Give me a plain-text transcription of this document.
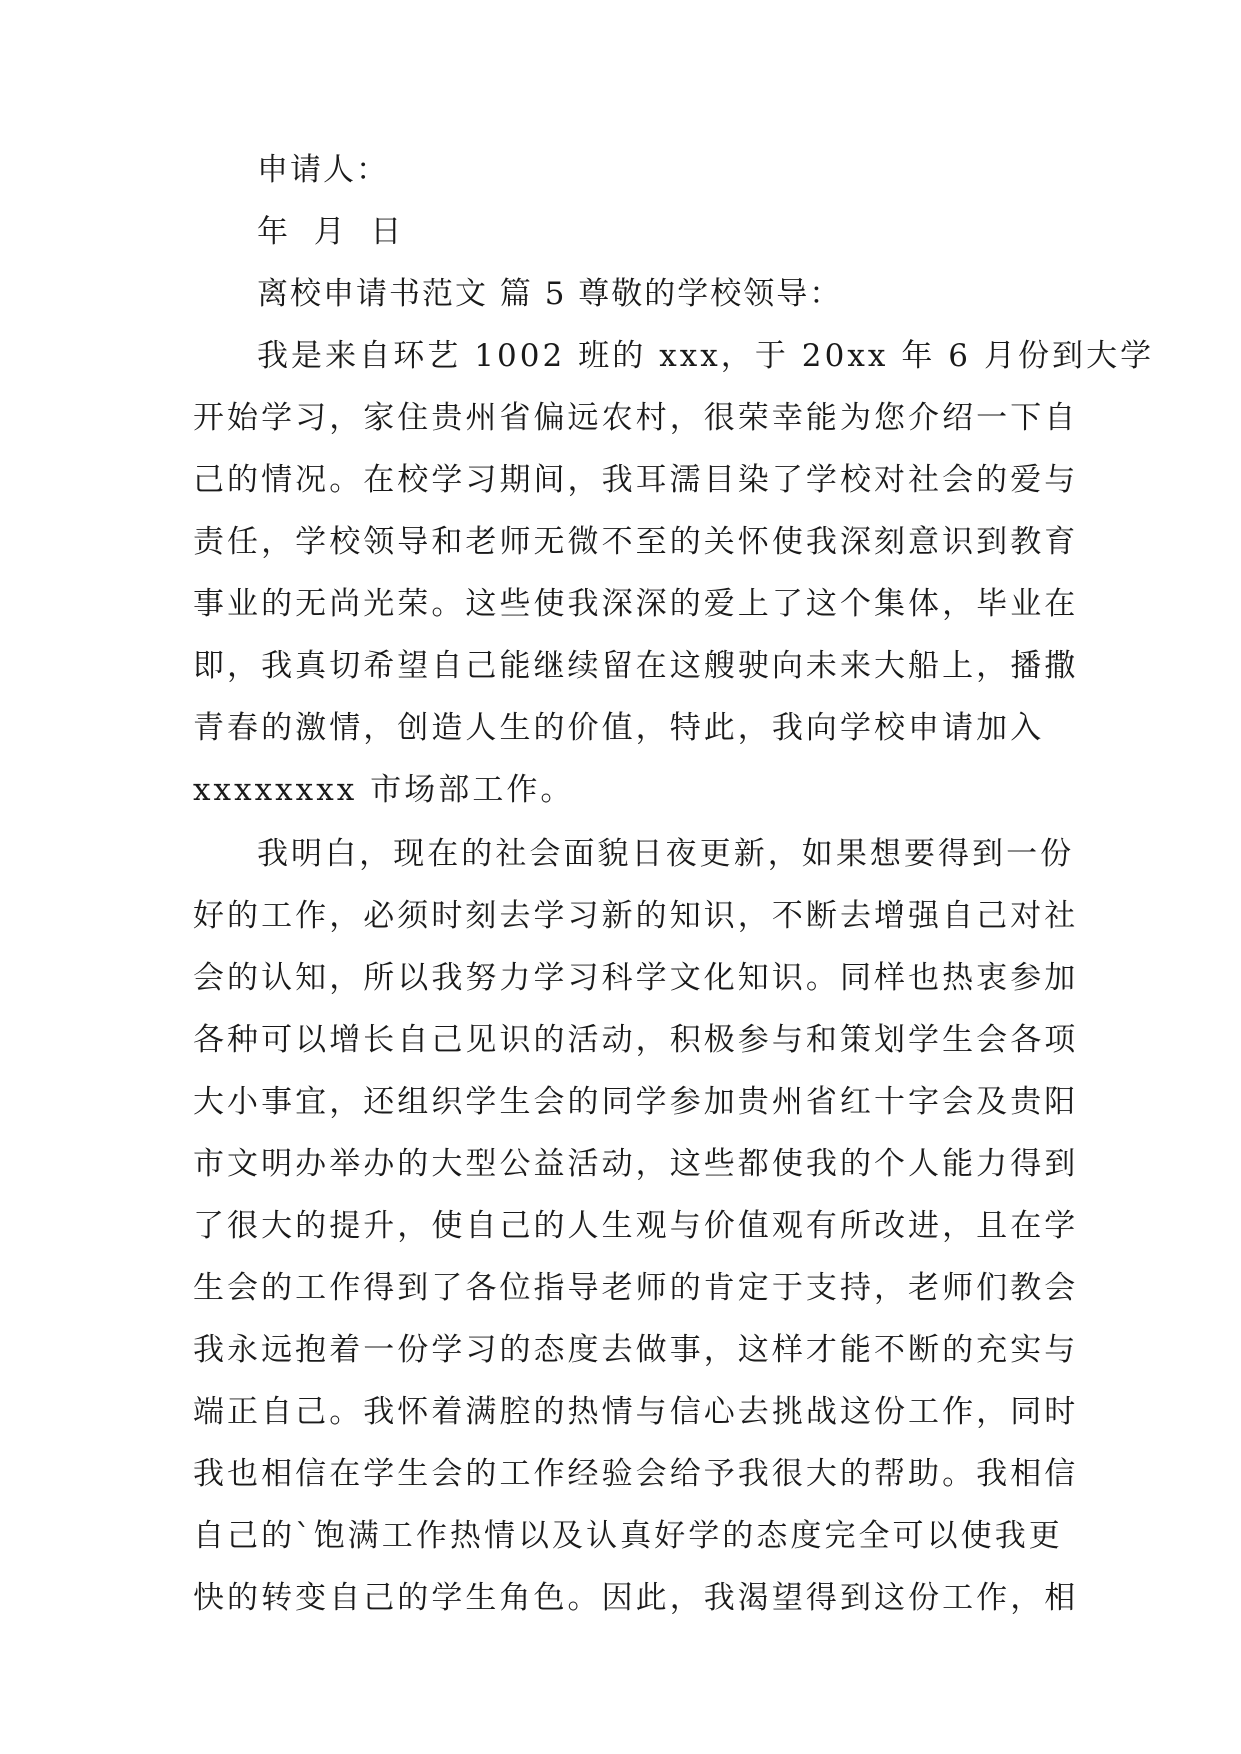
申请人：
年  月  日
离校申请书范文 篇 5 尊敬的学校领导：
我是来自环艺 1002 班的 xxx，于 20xx 年 6 月份到大学
开始学习，家住贵州省偏远农村，很荣幸能为您介绍一下自
己的情况。在校学习期间，我耳濡目染了学校对社会的爱与
责任，学校领导和老师无微不至的关怀使我深刻意识到教育
事业的无尚光荣。这些使我深深的爱上了这个集体，毕业在
即，我真切希望自己能继续留在这艘驶向未来大船上，播撒
青春的激情，创造人生的价值，特此，我向学校申请加入
xxxxxxxx 市场部工作。
我明白，现在的社会面貌日夜更新，如果想要得到一份
好的工作，必须时刻去学习新的知识，不断去增强自己对社
会的认知，所以我努力学习科学文化知识。同样也热衷参加
各种可以增长自己见识的活动，积极参与和策划学生会各项
大小事宜，还组织学生会的同学参加贵州省红十字会及贵阳
市文明办举办的大型公益活动，这些都使我的个人能力得到
了很大的提升，使自己的人生观与价值观有所改进，且在学
生会的工作得到了各位指导老师的肯定于支持，老师们教会
我永远抱着一份学习的态度去做事，这样才能不断的充实与
端正自己。我怀着满腔的热情与信心去挑战这份工作，同时
我也相信在学生会的工作经验会给予我很大的帮助。我相信
自己的`饱满工作热情以及认真好学的态度完全可以使我更
快的转变自己的学生角色。因此，我渴望得到这份工作，相
